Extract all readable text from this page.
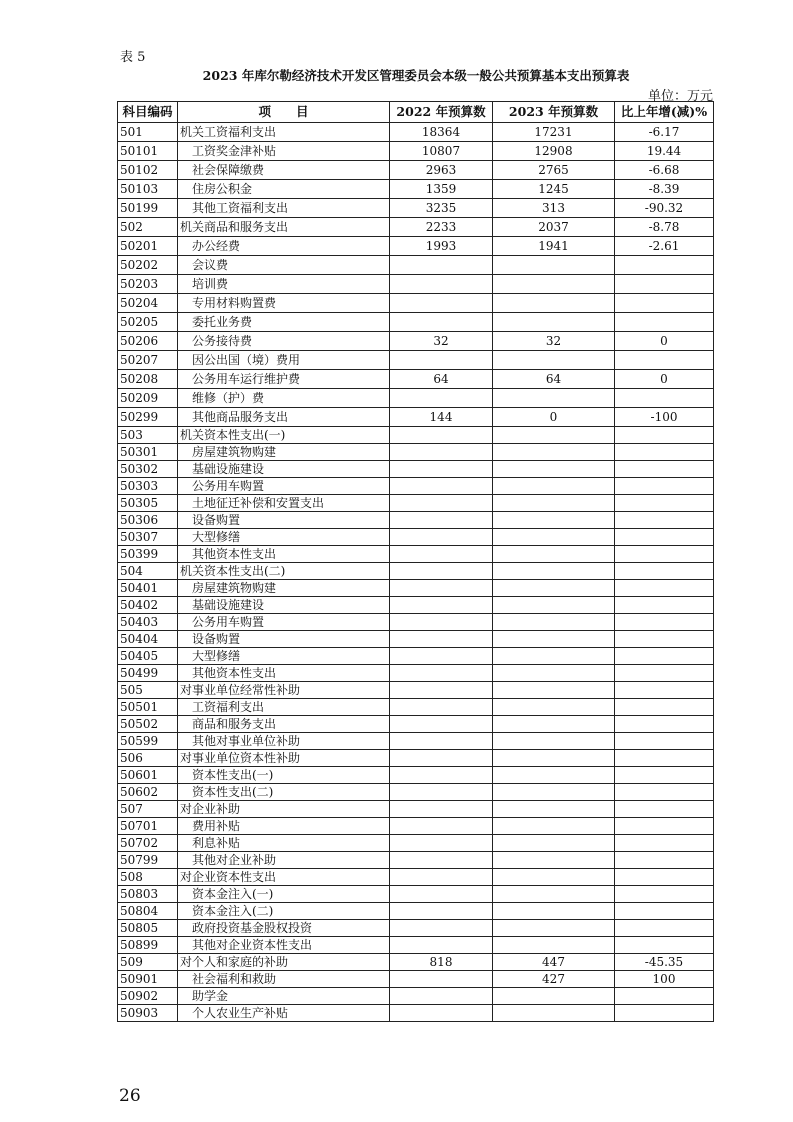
表 5
2023 年库尔勒经济技术开发区管理委员会本级一般公共预算基本支出预算表
单位：万元
科目编码	项　　目	2022 年预算数	2023 年预算数	比上年增(减)%
501	机关工资福利支出	18364	17231	-6.17
50101	工资奖金津补贴	10807	12908	19.44
50102	社会保障缴费	2963	2765	-6.68
50103	住房公积金	1359	1245	-8.39
50199	其他工资福利支出	3235	313	-90.32
502	机关商品和服务支出	2233	2037	-8.78
50201	办公经费	1993	1941	-2.61
50202	会议费			
50203	培训费			
50204	专用材料购置费			
50205	委托业务费			
50206	公务接待费	32	32	0
50207	因公出国（境）费用			
50208	公务用车运行维护费	64	64	0
50209	维修（护）费			
50299	其他商品服务支出	144	0	-100
503	机关资本性支出(一)			
50301	房屋建筑物购建			
50302	基础设施建设			
50303	公务用车购置			
50305	土地征迁补偿和安置支出			
50306	设备购置			
50307	大型修缮			
50399	其他资本性支出			
504	机关资本性支出(二)			
50401	房屋建筑物购建			
50402	基础设施建设			
50403	公务用车购置			
50404	设备购置			
50405	大型修缮			
50499	其他资本性支出			
505	对事业单位经常性补助			
50501	工资福利支出			
50502	商品和服务支出			
50599	其他对事业单位补助			
506	对事业单位资本性补助			
50601	资本性支出(一)			
50602	资本性支出(二)			
507	对企业补助			
50701	费用补贴			
50702	利息补贴			
50799	其他对企业补助			
508	对企业资本性支出			
50803	资本金注入(一)			
50804	资本金注入(二)			
50805	政府投资基金股权投资			
50899	其他对企业资本性支出			
509	对个人和家庭的补助	818	447	-45.35
50901	社会福利和救助		427	100
50902	助学金			
50903	个人农业生产补贴			
26
